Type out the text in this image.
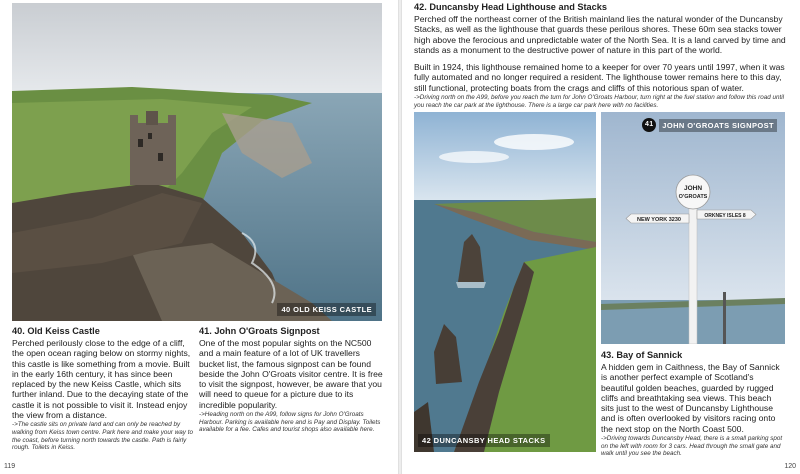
40 OLD KEISS CASTLE
40. Old Keiss Castle

Perched perilously close to the edge of a cliff, the open ocean raging below on stormy nights, this castle is like something from a movie. Built in the early 16th century, it has since been replaced by the new Keiss Castle, which sits further inland. Due to the decaying state of the castle it is not possible to visit it. Instead enjoy the view from a distance.

->The castle sits on private land and can only be reached by walking from Keiss town centre. Park here and make your way to the coast, before turning north towards the castle. Path is fairly rough. Toilets in Keiss.

41. John O'Groats Signpost

One of the most popular sights on the NC500 and a main feature of a lot of UK travellers bucket list, the famous signpost can be found beside the John O'Groats visitor centre. It is free to visit the signpost, however, be aware that you will need to queue for a picture due to its incredible popularity.

->Heading north on the A99, follow signs for John O'Groats Harbour. Parking is available here and is Pay and Display. Toilets available for a fee. Cafes and tourist shops also available here.

119
42. Duncansby Head Lighthouse and Stacks

Perched off the northeast corner of the British mainland lies the natural wonder of the Duncansby Stacks, as well as the lighthouse that guards these perilous shores. These 60m sea stacks tower high above the ferocious and unpredictable water of the North Sea. It is a land carved by time and stands as a monument to the destructive power of nature in this part of the world.

Built in 1924, this lighthouse remained home to a keeper for over 70 years until 1997, when it was fully automated and no longer required a resident. The lighthouse tower remains here to this day, still functional, protecting boats from the crags and cliffs of this notorious span of water.

->Driving north on the A99, before you reach the turn for John O'Groats Harbour, turn right at the fuel station and follow this road until you reach the car park at the lighthouse. There is a large car park here with no facilities.

42 DUNCANSBY HEAD STACKS
JOHN
O'GROATS
NEW YORK 3230
ORKNEY ISLES 8
41	JOHN O'GROATS SIGNPOST
43. Bay of Sannick

A hidden gem in Caithness, the Bay of Sannick is another perfect example of Scotland's beautiful golden beaches, guarded by rugged cliffs and breathtaking sea views. This beach sits just to the west of Duncansby Lighthouse and is often overlooked by visitors racing onto the next stop on the North Coast 500.

->Driving towards Duncansby Head, there is a small parking spot on the left with room for 3 cars. Head through the small gate and walk until you see the beach.

120
